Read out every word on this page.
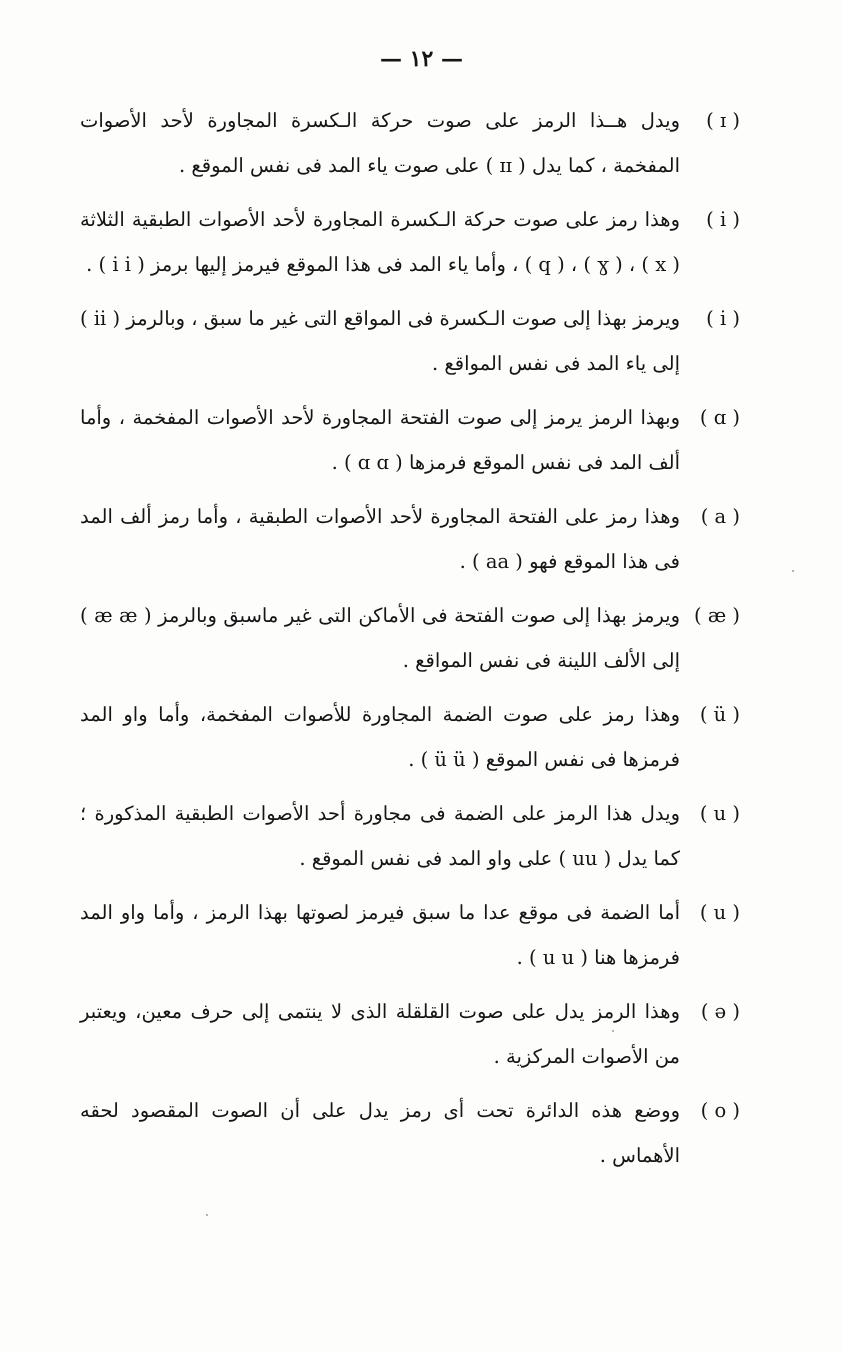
— ١٢ —
( ɪ )
ويدل هــذا الرمز على صوت حركة الـكسرة المجاورة لأحد الأصوات المفخمة ، كما يدل ( ɪɪ ) على صوت ياء المد فى نفس الموقع .
( i )
وهذا رمز على صوت حركة الـكسرة المجاورة لأحد الأصوات الطبقية الثلاثة ( x ) ، ( ɣ ) ، ( q ) ، وأما ياء المد فى هذا الموقع فيرمز إليها برمز ( i i ) .
( i )
ويرمز بهذا إلى صوت الـكسرة فى المواقع التى غير ما سبق ، وبالرمز ( ii ) إلى ياء المد فى نفس المواقع .
( ɑ )
وبهذا الرمز يرمز إلى صوت الفتحة المجاورة لأحد الأصوات المفخمة ، وأما ألف المد فى نفس الموقع فرمزها ( ɑ ɑ ) .
( a )
وهذا رمز على الفتحة المجاورة لأحد الأصوات الطبقية ، وأما رمز ألف المد فى هذا الموقع فهو ( aa ) .
( æ )
ويرمز بهذا إلى صوت الفتحة فى الأماكن التى غير ماسبق وبالرمز ( æ æ ) إلى الألف اللينة فى نفس المواقع .
( ü )
وهذا رمز على صوت الضمة المجاورة للأصوات المفخمة، وأما واو المد فرمزها فى نفس الموقع ( ü ü ) .
( u )
ويدل هذا الرمز على الضمة فى مجاورة أحد الأصوات الطبقية المذكورة ؛ كما يدل ( uu ) على واو المد فى نفس الموقع .
( u )
أما الضمة فى موقع عدا ما سبق فيرمز لصوتها بهذا الرمز ، وأما واو المد فرمزها هنا ( u u ) .
( ə )
وهذا الرمز يدل على صوت القلقلة الذى لا ينتمى إلى حرف معين، ويعتبر من الأصوات المركزية .
( o )
ووضع هذه الدائرة تحت أى رمز يدل على أن الصوت المقصود لحقه الأهماس .
